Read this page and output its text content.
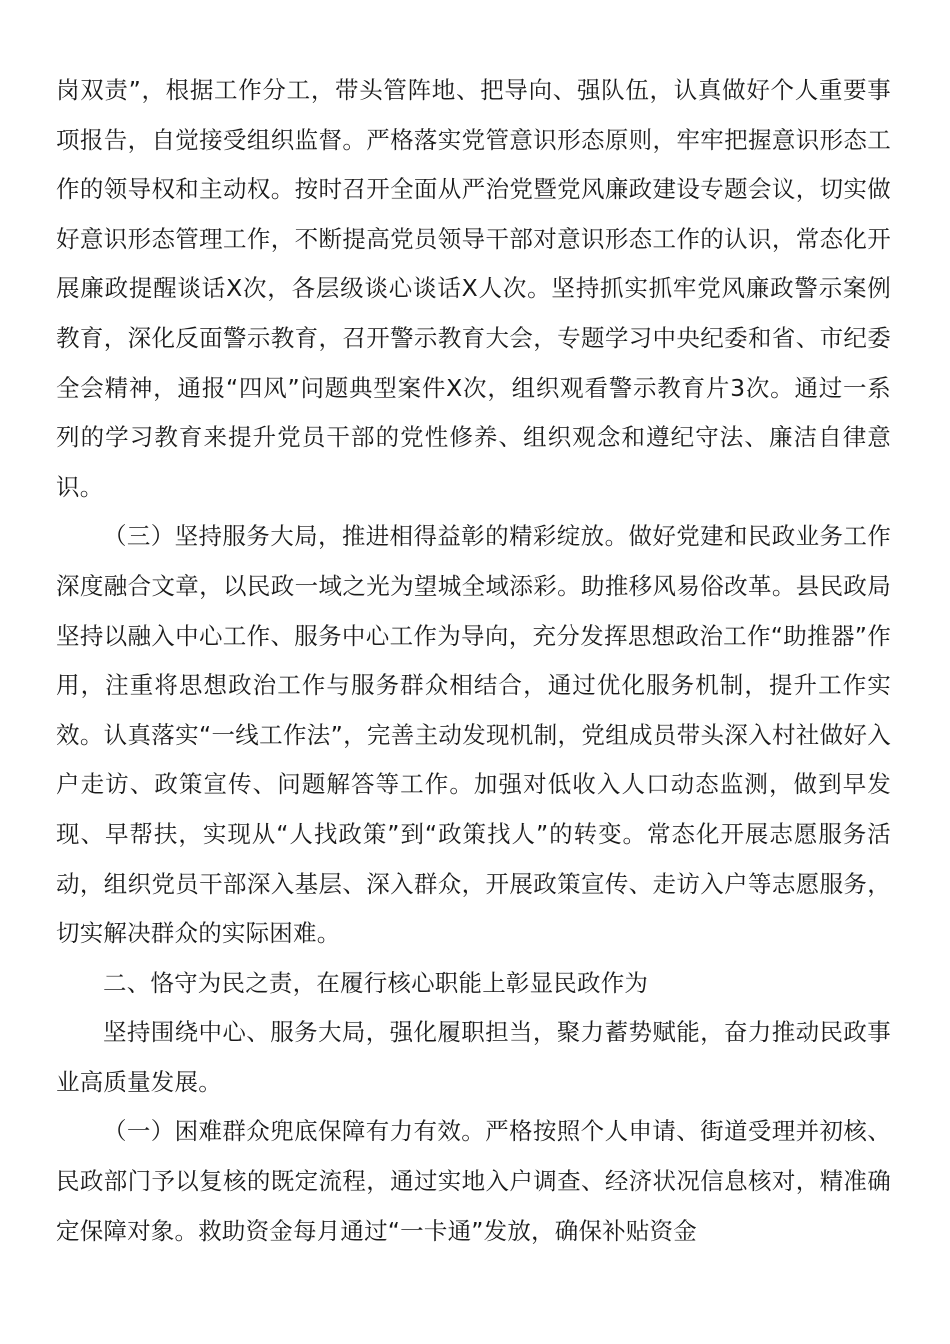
岗双责”，根据工作分工，带头管阵地、把导向、强队伍，认真做好个人重要事项报告，自觉接受组织监督。严格落实党管意识形态原则，牢牢把握意识形态工作的领导权和主动权。按时召开全面从严治党暨党风廉政建设专题会议，切实做好意识形态管理工作，不断提高党员领导干部对意识形态工作的认识，常态化开展廉政提醒谈话X次，各层级谈心谈话X人次。坚持抓实抓牢党风廉政警示案例教育，深化反面警示教育，召开警示教育大会，专题学习中央纪委和省、市纪委全会精神，通报“四风”问题典型案件X次，组织观看警示教育片3次。通过一系列的学习教育来提升党员干部的党性修养、组织观念和遵纪守法、廉洁自律意识。

（三）坚持服务大局，推进相得益彰的精彩绽放。做好党建和民政业务工作深度融合文章，以民政一域之光为望城全域添彩。助推移风易俗改革。县民政局坚持以融入中心工作、服务中心工作为导向，充分发挥思想政治工作“助推器”作用，注重将思想政治工作与服务群众相结合，通过优化服务机制，提升工作实效。认真落实“一线工作法”，完善主动发现机制，党组成员带头深入村社做好入户走访、政策宣传、问题解答等工作。加强对低收入人口动态监测，做到早发现、早帮扶，实现从“人找政策”到“政策找人”的转变。常态化开展志愿服务活动，组织党员干部深入基层、深入群众，开展政策宣传、走访入户等志愿服务，切实解决群众的实际困难。

二、恪守为民之责，在履行核心职能上彰显民政作为

坚持围绕中心、服务大局，强化履职担当，聚力蓄势赋能，奋力推动民政事业高质量发展。

（一）困难群众兜底保障有力有效。严格按照个人申请、街道受理并初核、民政部门予以复核的既定流程，通过实地入户调查、经济状况信息核对，精准确定保障对象。救助资金每月通过“一卡通”发放，确保补贴资金
